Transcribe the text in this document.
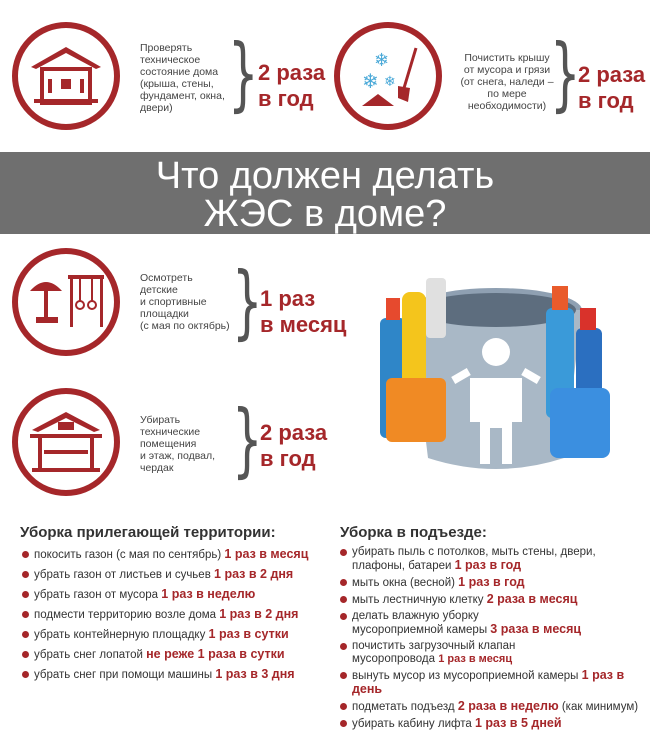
Проверять
техническое
состояние дома
(крыша, стены,
фундамент, окна,
двери) } 2 раза
в год
❄
❄ ❄
Почистить крышу
от мусора и грязи
(от снега, наледи –
по мере
необходимости) }
2 раза
в год
Что должен делать
ЖЭС в доме?
Осмотреть
детские
и спортивные
площадки
(с мая по октябрь) }
1 раз
в месяц
Убирать
технические
помещения
и этаж, подвал,
чердак }
2 раза
в год
Уборка прилегающей территории:
покосить газон (с мая по сентябрь) 1 раз в месяц
убрать газон от листьев и сучьев 1 раз в 2 дня
убрать газон от мусора 1 раз в неделю
подмести территорию возле дома 1 раз в 2 дня
убрать контейнерную площадку 1 раз в сутки
убрать снег лопатой не реже 1 раза в сутки
убрать снег при помощи машины 1 раз в 3 дня
Уборка в подъезде:
убирать пыль с потолков, мыть стены, двери,
плафоны, батареи 1 раз в год
мыть окна (весной) 1 раз в год
мыть лестничную клетку 2 раза в месяц
делать влажную уборку
мусороприемной камеры 3 раза в месяц
почистить загрузочный клапан
мусоропровода 1 раз в месяц
вынуть мусор из мусороприемной камеры 1 раз в день
подметать подъезд 2 раза в неделю (как минимум)
убирать кабину лифта 1 раз в 5 дней
